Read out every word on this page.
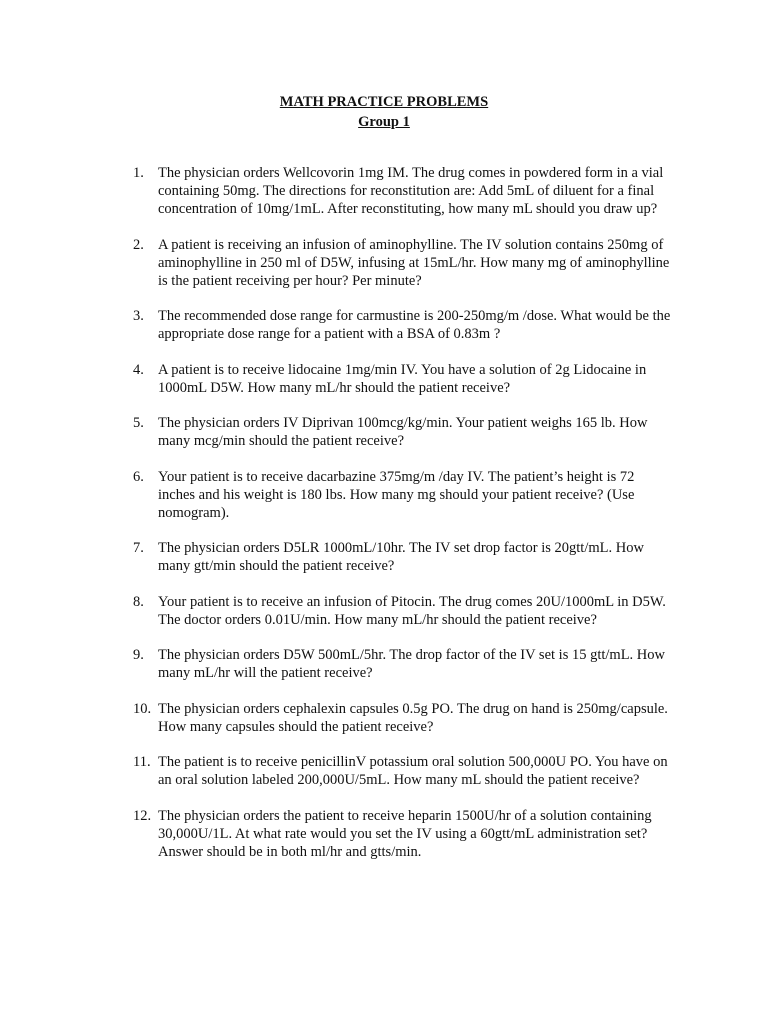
MATH PRACTICE PROBLEMS
Group 1
1. The physician orders Wellcovorin 1mg IM. The drug comes in powdered form in a vial containing 50mg. The directions for reconstitution are: Add 5mL of diluent for a final concentration of 10mg/1mL. After reconstituting, how many mL should you draw up?
2. A patient is receiving an infusion of aminophylline. The IV solution contains 250mg of aminophylline in 250 ml of D5W, infusing at 15mL/hr. How many mg of aminophylline is the patient receiving per hour? Per minute?
3. The recommended dose range for carmustine is 200-250mg/m /dose. What would be the appropriate dose range for a patient with a BSA of 0.83m ?
4. A patient is to receive lidocaine 1mg/min IV. You have a solution of 2g Lidocaine in 1000mL D5W. How many mL/hr should the patient receive?
5. The physician orders IV Diprivan 100mcg/kg/min. Your patient weighs 165 lb. How many mcg/min should the patient receive?
6. Your patient is to receive dacarbazine 375mg/m /day IV. The patient’s height is 72 inches and his weight is 180 lbs. How many mg should your patient receive? (Use nomogram).
7. The physician orders D5LR 1000mL/10hr. The IV set drop factor is 20gtt/mL. How many gtt/min should the patient receive?
8. Your patient is to receive an infusion of Pitocin. The drug comes 20U/1000mL in D5W. The doctor orders 0.01U/min. How many mL/hr should the patient receive?
9. The physician orders D5W 500mL/5hr. The drop factor of the IV set is 15 gtt/mL. How many mL/hr will the patient receive?
10. The physician orders cephalexin capsules 0.5g PO. The drug on hand is 250mg/capsule. How many capsules should the patient receive?
11. The patient is to receive penicillinV potassium oral solution 500,000U PO. You have on an oral solution labeled 200,000U/5mL. How many mL should the patient receive?
12. The physician orders the patient to receive heparin 1500U/hr of a solution containing 30,000U/1L. At what rate would you set the IV using a 60gtt/mL administration set? Answer should be in both ml/hr and gtts/min.
